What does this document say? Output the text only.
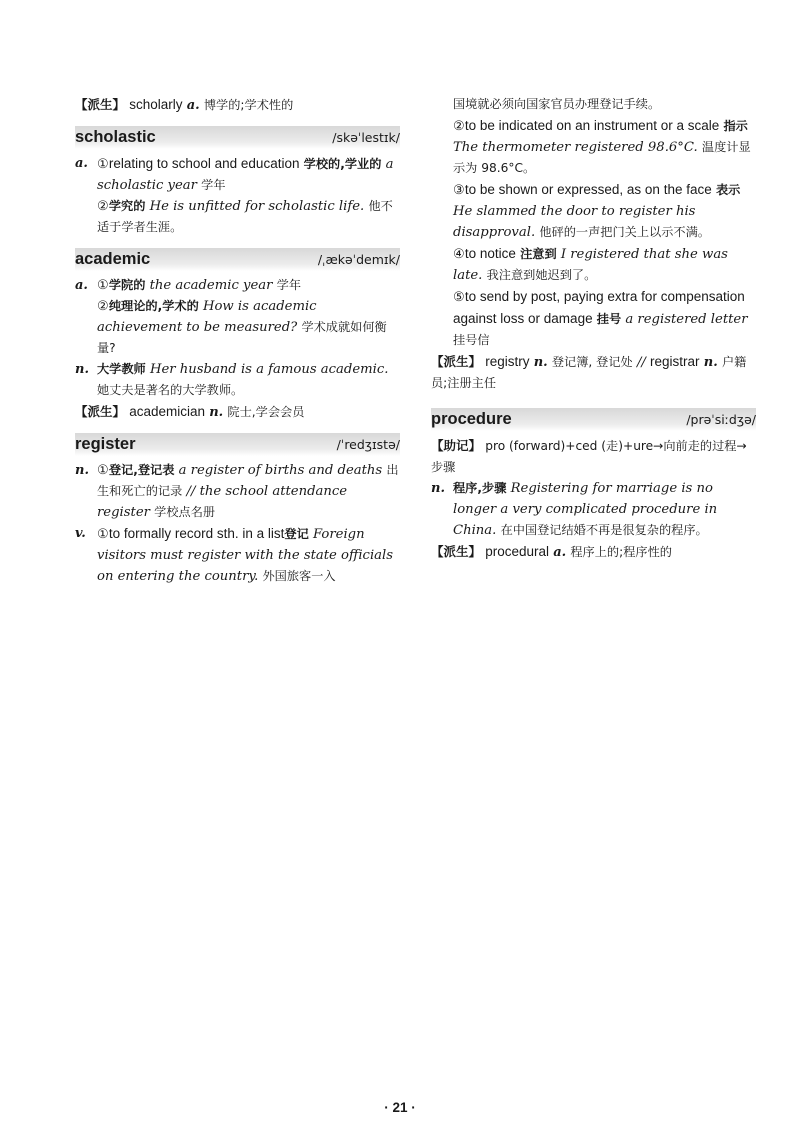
【派生】 scholarly a. 博学的;学术性的

scholastic	/skəˈlestɪk/
a. ①relating to school and education 学校的,学业的 a scholastic year 学年

②学究的 He is unfitted for scholastic life. 他不适于学者生涯。

academic	/ˌækəˈdemɪk/
a. ①学院的 the academic year 学年

②纯理论的,学术的 How is academic achievement to be measured? 学术成就如何衡量?

n. 大学教师 Her husband is a famous academic. 她丈夫是著名的大学教师。

【派生】 academician n. 院士,学会会员

register	/ˈredʒɪstə/
n. ①登记,登记表 a register of births and deaths 出生和死亡的记录 // the school attendance register 学校点名册
v. ①to formally record sth. in a list登记 Foreign visitors must register with the state officials on entering the country. 外国旅客一入

国境就必须向国家官员办理登记手续。

②to be indicated on an instrument or a scale 指示 The thermometer registered 98.6°C. 温度计显示为 98.6°C。

③to be shown or expressed, as on the face 表示 He slammed the door to register his disapproval. 他砰的一声把门关上以示不满。

④to notice 注意到 I registered that she was late. 我注意到她迟到了。

⑤to send by post, paying extra for compensation against loss or damage 挂号 a registered letter 挂号信

【派生】 registry n. 登记簿, 登记处 // registrar n. 户籍员;注册主任

procedure	/prəˈsiːdʒə/

【助记】 pro (forward)+ced (走)+ure→向前走的过程→步骤

n. 程序,步骤 Registering for marriage is no longer a very complicated procedure in China. 在中国登记结婚不再是很复杂的程序。

【派生】 procedural a. 程序上的;程序性的

· 21 ·
